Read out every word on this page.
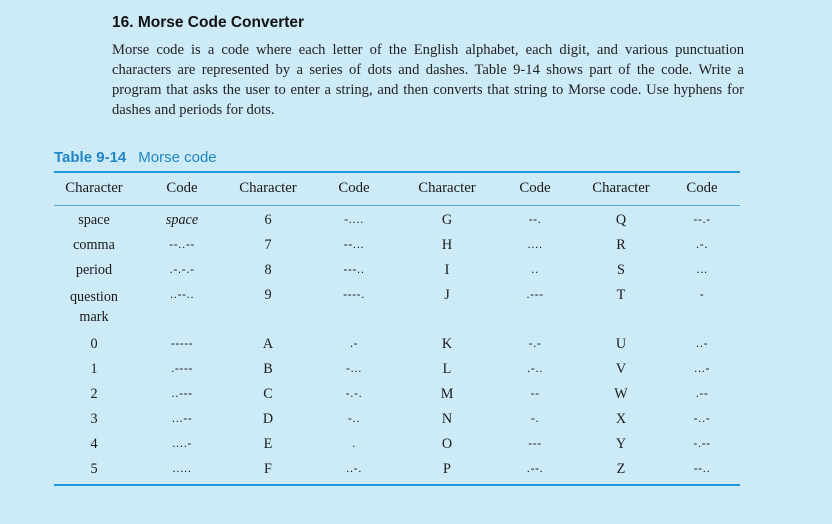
16. Morse Code Converter

Morse code is a code where each letter of the English alphabet, each digit, and various punctuation characters are represented by a series of dots and dashes. Table 9-14 shows part of the code. Write a program that asks the user to enter a string, and then converts that string to Morse code. Use hyphens for dashes and periods for dots.

Table 9-14 Morse code
Character	Code	Character	Code	Character	Code	Character	Code

space	space	6	-....	G	--.	Q	--.-
comma	--..--	7	--...	H	....	R	.-.
period	.-.-.-	8	---..	I	..	S	...
question mark	..--..	9	----.	J	.---	T	-
0	-----	A	.-	K	-.-	U	..-
1	.----	B	-...	L	.-..	V	...-
2	..---	C	-.-.	M	--	W	.--
3	...--	D	-..	N	-.	X	-..-
4	....-	E	.	O	---	Y	-.--
5	.....	F	..-.	P	.--.	Z	--..
